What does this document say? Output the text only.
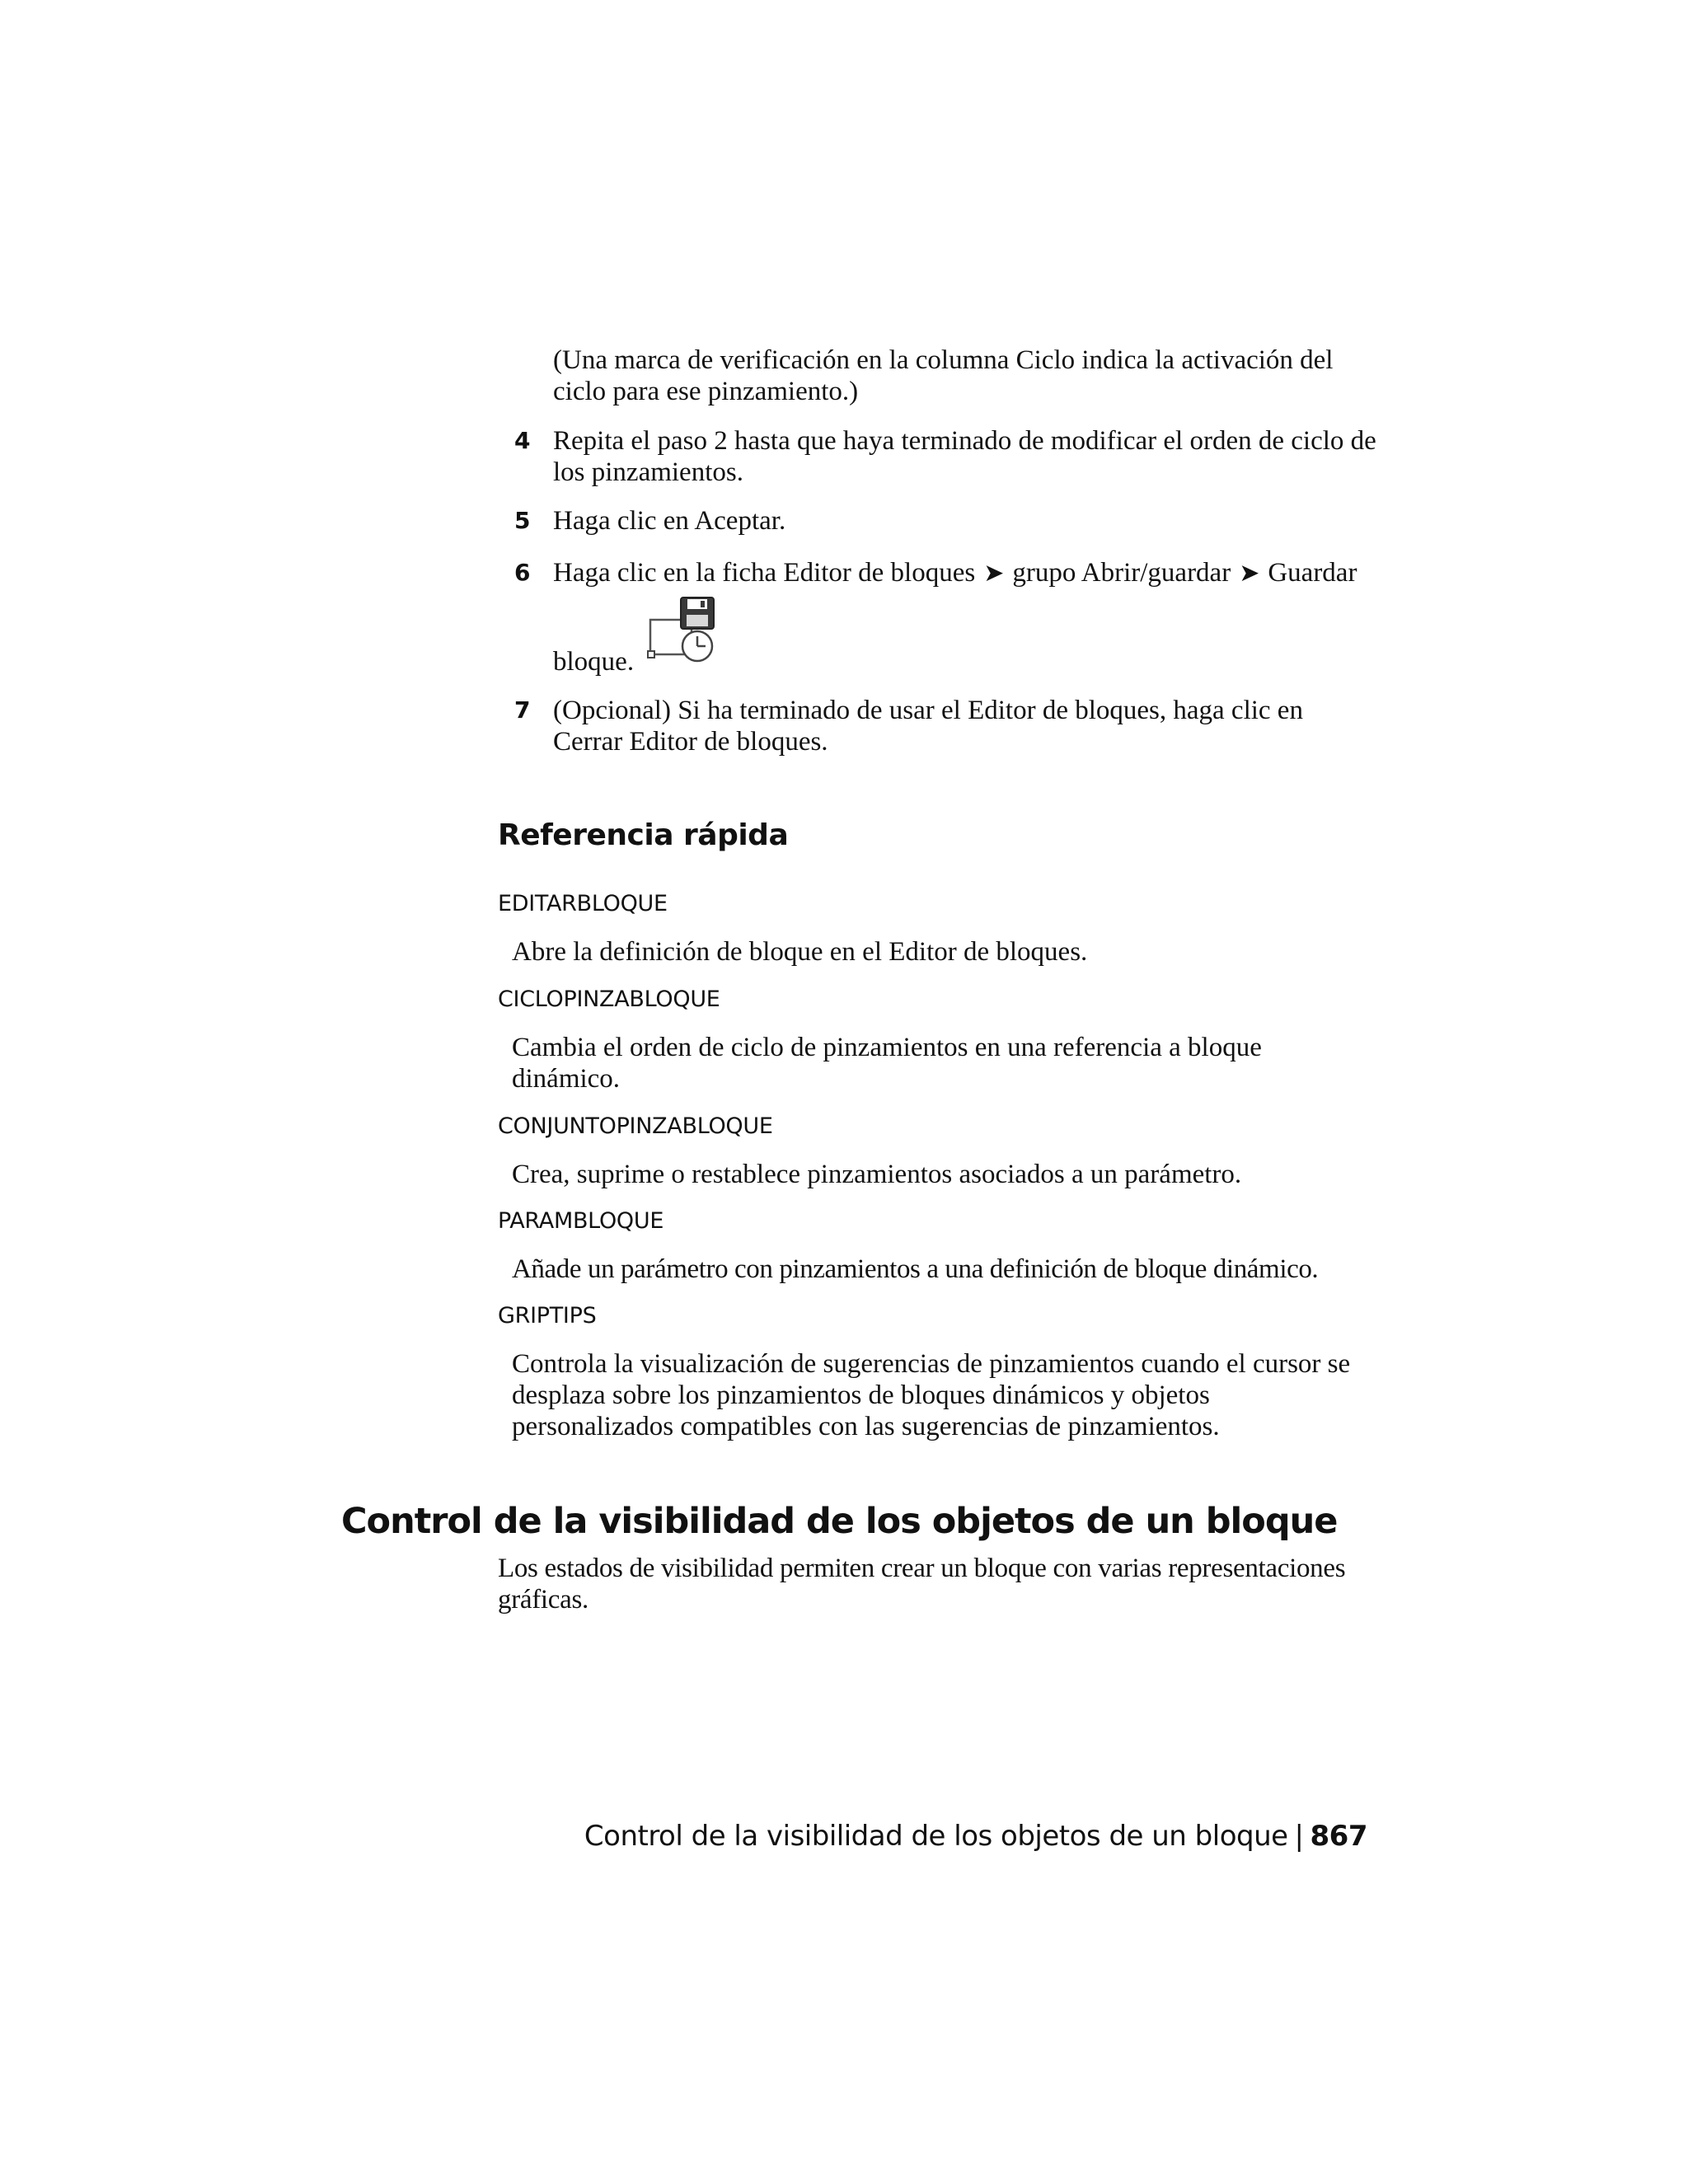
(Una marca de verificación en la columna Ciclo indica la activación del ciclo para ese pinzamiento.)
4 Repita el paso 2 hasta que haya terminado de modificar el orden de ciclo de los pinzamientos.
5 Haga clic en Aceptar.
6 Haga clic en la ficha Editor de bloques ➤ grupo Abrir/guardar ➤ Guardar
bloque.
7 (Opcional) Si ha terminado de usar el Editor de bloques, haga clic en Cerrar Editor de bloques.
Referencia rápida
EDITARBLOQUE
Abre la definición de bloque en el Editor de bloques.
CICLOPINZABLOQUE
Cambia el orden de ciclo de pinzamientos en una referencia a bloque dinámico.
CONJUNTOPINZABLOQUE
Crea, suprime o restablece pinzamientos asociados a un parámetro.
PARAMBLOQUE
Añade un parámetro con pinzamientos a una definición de bloque dinámico.
GRIPTIPS
Controla la visualización de sugerencias de pinzamientos cuando el cursor se desplaza sobre los pinzamientos de bloques dinámicos y objetos personalizados compatibles con las sugerencias de pinzamientos.
Control de la visibilidad de los objetos de un bloque
Los estados de visibilidad permiten crear un bloque con varias representaciones gráficas.
Control de la visibilidad de los objetos de un bloque | 867
